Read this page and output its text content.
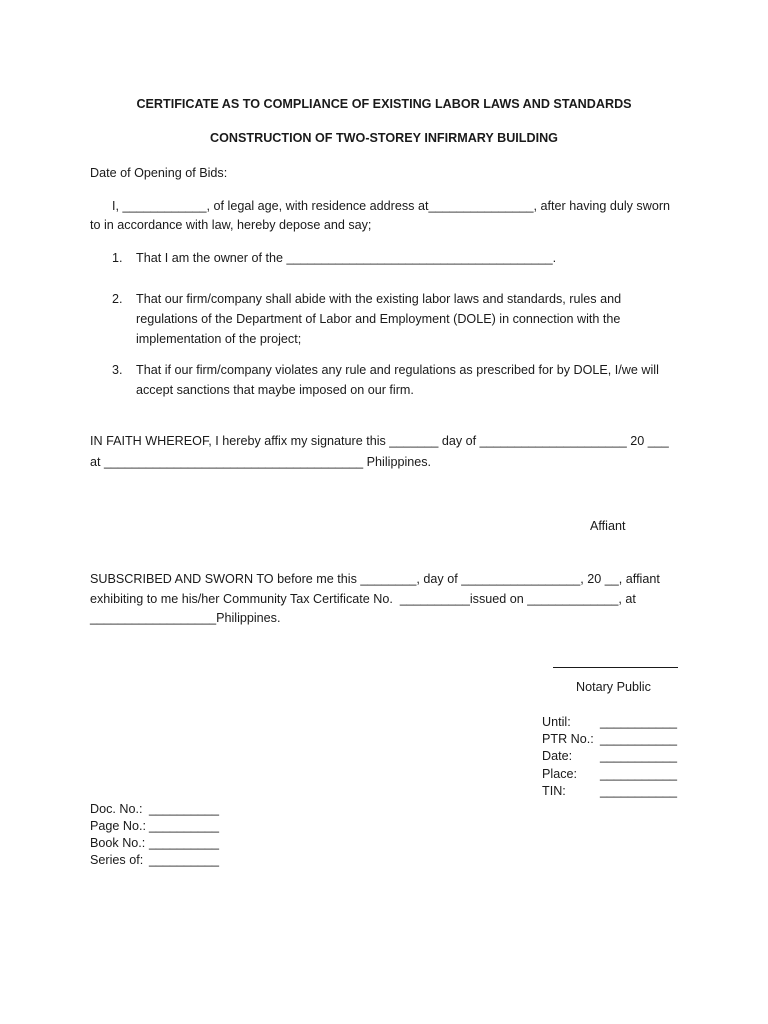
CERTIFICATE AS TO COMPLIANCE OF EXISTING LABOR LAWS AND STANDARDS
CONSTRUCTION OF TWO-STOREY INFIRMARY BUILDING
Date of Opening of Bids:
I, ____________, of legal age, with residence address at_______________, after having duly sworn
to in accordance with law, hereby depose and say;
1. That I am the owner of the ______________________________________.
2. That our firm/company shall abide with the existing labor laws and standards, rules and regulations of the Department of Labor and Employment (DOLE) in connection with the implementation of the project;
3. That if our firm/company violates any rule and regulations as prescribed for by DOLE, I/we will accept sanctions that maybe imposed on our firm.
IN FAITH WHEREOF, I hereby affix my signature this _______ day of _____________________ 20 ___
at _____________________________________ Philippines.
Affiant
SUBSCRIBED AND SWORN TO before me this ________, day of _________________, 20 __, affiant
exhibiting to me his/her Community Tax Certificate No.  __________issued on _____________, at
__________________Philippines.
Notary Public
Until: ___________
PTR No.: ___________
Date: ___________
Place: ___________
TIN:	___________
Doc. No.: __________
Page No.: __________
Book No.: __________
Series of: __________
